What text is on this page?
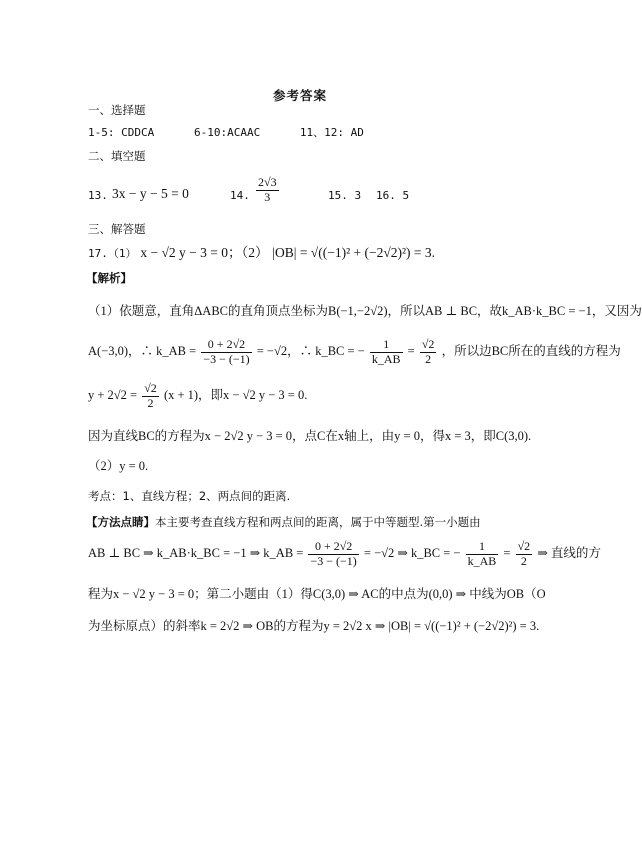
参考答案
一、选择题
1-5: CDDCA      6-10:ACAAC      11、12: AD
二、填空题
13. 3x − y − 5 = 0	14. $\frac{2√3}{3}$	15. 3 16. 5
三、解答题
17.（1） x − √2 y − 3 = 0；（2） |OB| = √((−1)² + (−2√2)²) = 3.
【解析】
（1）依题意，直角ΔABC的直角顶点坐标为B(−1,−2√2)，所以AB ⊥ BC，故k_AB·k_BC = −1，又因为
A(−3,0)，∴ k_AB = $\frac{0 + 2√2}{-3 - (-1)} = -√2$，∴ k_BC = − $\frac{1}{k\_AB} = \frac{√2}{2}$ ，所以边BC所在的直线的方程为
$y + 2√2 = \frac{√2}{2} (x + 1)$，即x − √2 y − 3 = 0.
因为直线BC的方程为x − 2√2 y − 3 = 0，点C在x轴上，由y = 0，得x = 3，即C(3,0).
（2）y = 0.
考点：1、直线方程；2、两点间的距离.
【方法点睛】本主要考查直线方程和两点间的距离，属于中等题型.第一小题由
AB ⊥ BC ⇒ k_AB·k_BC = −1 ⇒ k_AB = $\frac{0 + 2√2}{-3 - (-1)} = -√2$ ⇒ k_BC = − $\frac{1}{k\_AB} = \frac{√2}{2}$ ⇒ 直线的方
程为x − √2 y − 3 = 0；第二小题由（1）得C(3,0) ⇒ AC的中点为(0,0) ⇒ 中线为OB（O
为坐标原点）的斜率k = 2√2 ⇒ OB的方程为y = 2√2 x ⇒ |OB| = √((−1)² + (−2√2)²) = 3.
